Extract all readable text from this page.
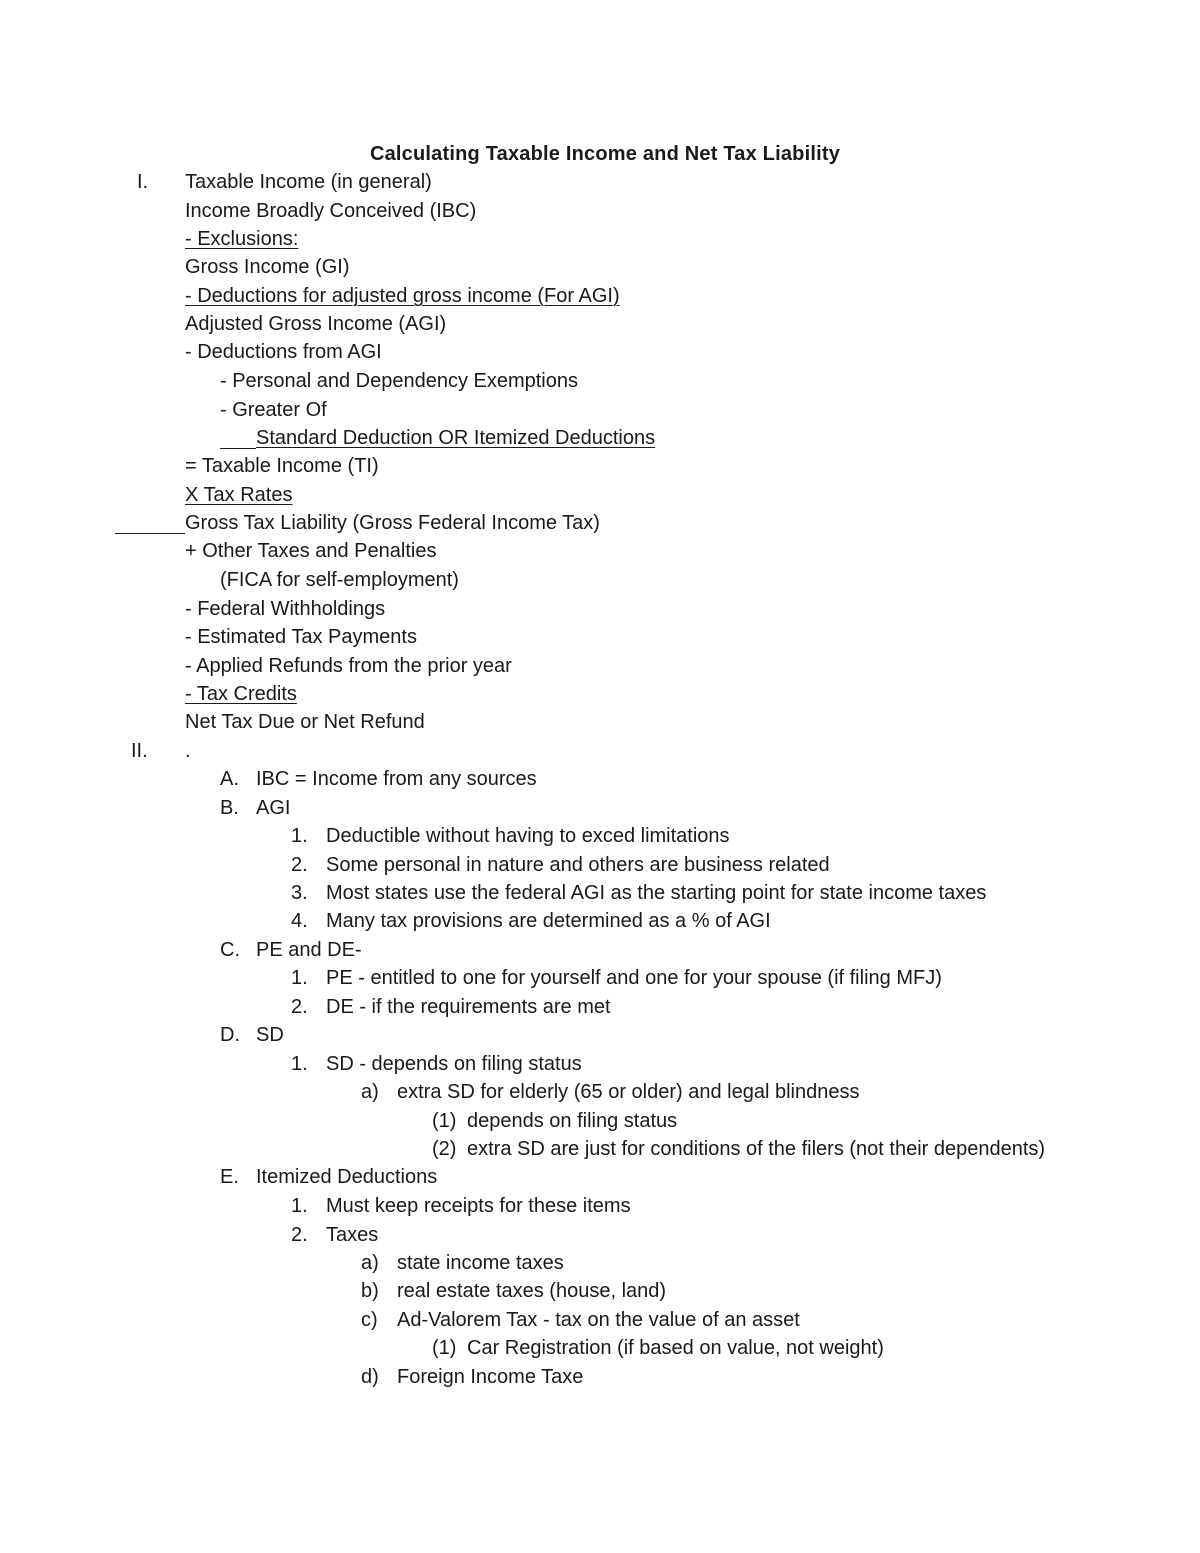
Calculating Taxable Income and Net Tax Liability
I. Taxable Income (in general)
Income Broadly Conceived (IBC)
- Exclusions:
Gross Income (GI)
- Deductions for adjusted gross income (For AGI)
Adjusted Gross Income (AGI)
- Deductions from AGI
- Personal and Dependency Exemptions
- Greater Of
Standard Deduction OR Itemized Deductions
= Taxable Income (TI)
X Tax Rates
Gross Tax Liability (Gross Federal Income Tax)
+ Other Taxes and Penalties
(FICA for self-employment)
- Federal Withholdings
- Estimated Tax Payments
- Applied Refunds from the prior year
- Tax Credits
Net Tax Due or Net Refund
II. .
A. IBC = Income from any sources
B. AGI
1. Deductible without having to exced limitations
2. Some personal in nature and others are business related
3. Most states use the federal AGI as the starting point for state income taxes
4. Many tax provisions are determined as a % of AGI
C. PE and DE-
1. PE - entitled to one for yourself and one for your spouse (if filing MFJ)
2. DE - if the requirements are met
D. SD
1. SD - depends on filing status
a) extra SD for elderly (65 or older) and legal blindness
(1) depends on filing status
(2) extra SD are just for conditions of the filers (not their dependents)
E. Itemized Deductions
1. Must keep receipts for these items
2. Taxes
a) state income taxes
b) real estate taxes (house, land)
c) Ad-Valorem Tax - tax on the value of an asset
(1) Car Registration (if based on value, not weight)
d) Foreign Income Taxe
